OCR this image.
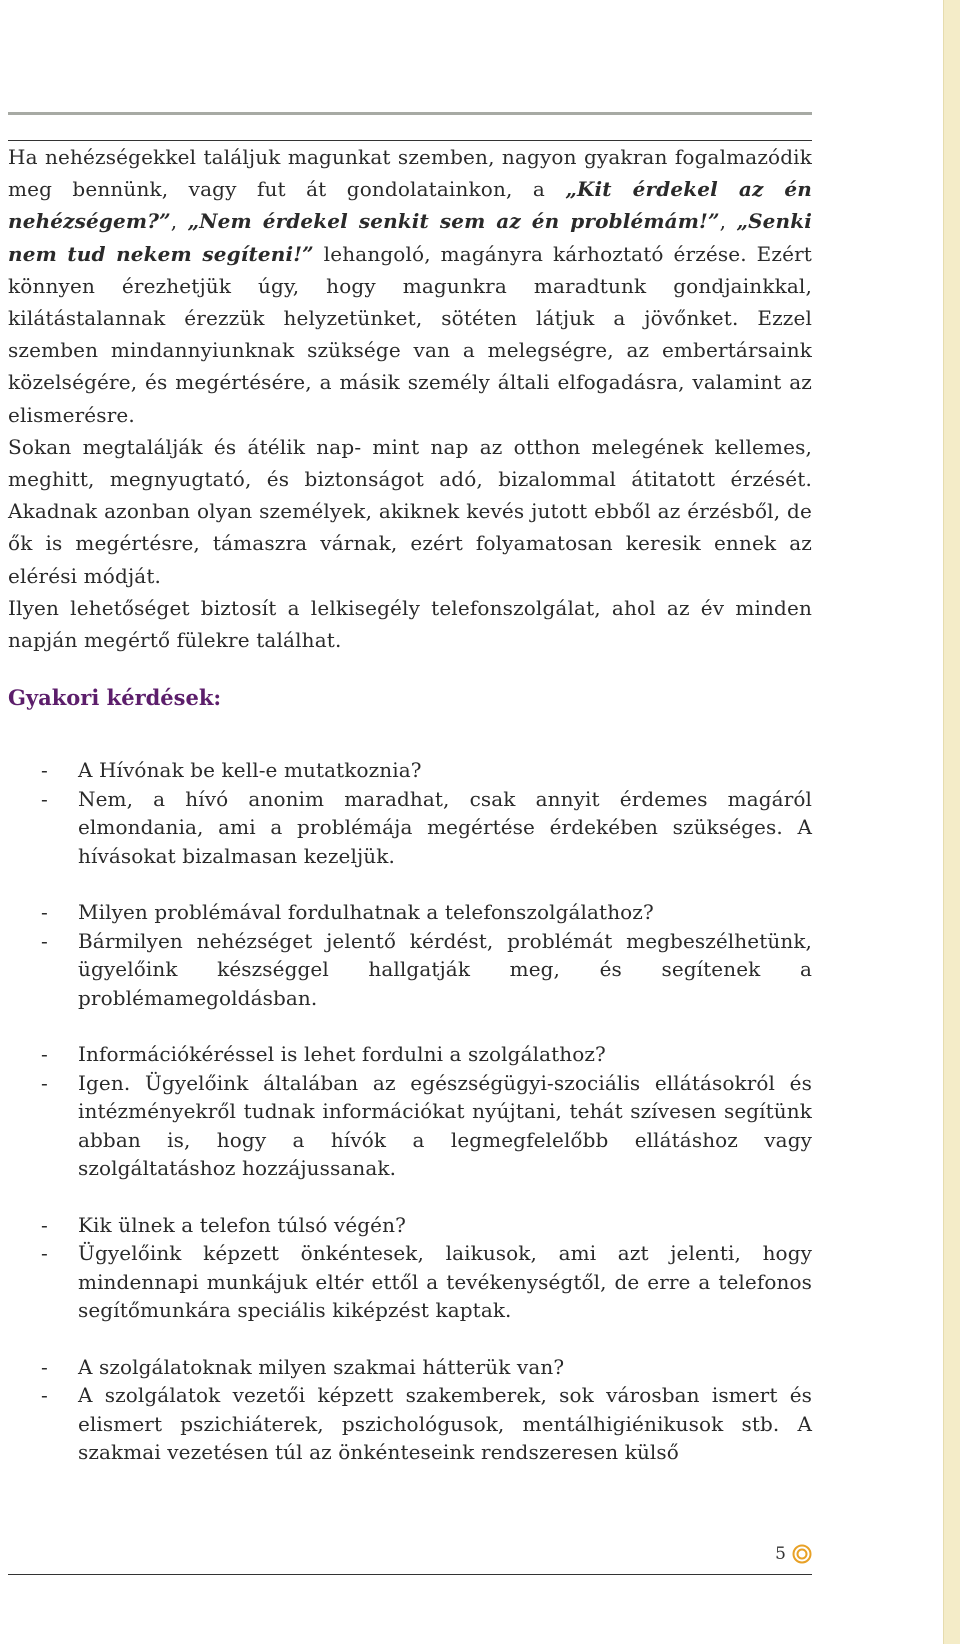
Ha nehézségekkel találjuk magunkat szemben, nagyon gyakran fogalmazódik meg bennünk, vagy fut át gondolatainkon, a „Kit érdekel az én nehézségem?”, „Nem érdekel senkit sem az én problémám!”, „Senki nem tud nekem segíteni!” lehangoló, magányra kárhoztató érzése. Ezért könnyen érezhetjük úgy, hogy magunkra maradtunk gondjainkkal, kilátástalannak érezzük helyzetünket, sötéten látjuk a jövőnket. Ezzel szemben mindannyiunknak szüksége van a melegségre, az embertársaink közelségére, és megértésére, a másik személy általi elfogadásra, valamint az elismerésre.

Sokan megtalálják és átélik nap- mint nap az otthon melegének kellemes, meghitt, megnyugtató, és biztonságot adó, bizalommal átitatott érzését. Akadnak azonban olyan személyek, akiknek kevés jutott ebből az érzésből, de ők is megértésre, támaszra várnak, ezért folyamatosan keresik ennek az elérési módját.

Ilyen lehetőséget biztosít a lelkisegély telefonszolgálat, ahol az év minden napján megértő fülekre találhat.

Gyakori kérdések:
-	A Hívónak be kell-e mutatkoznia?
-	Nem, a hívó anonim maradhat, csak annyit érdemes magáról elmondania, ami a problémája megértése érdekében szükséges. A hívásokat bizalmasan kezeljük.
-	Milyen problémával fordulhatnak a telefonszolgálathoz?
-	Bármilyen nehézséget jelentő kérdést, problémát megbeszélhetünk, ügyelőink készséggel hallgatják meg, és segítenek a problémamegoldásban.
-	Információkéréssel is lehet fordulni a szolgálathoz?
-	Igen. Ügyelőink általában az egészségügyi-szociális ellátásokról és intézményekről tudnak információkat nyújtani, tehát szívesen segítünk abban is, hogy a hívók a legmegfelelőbb ellátáshoz vagy szolgáltatáshoz hozzájussanak.
-	Kik ülnek a telefon túlsó végén?
-	Ügyelőink képzett önkéntesek, laikusok, ami azt jelenti, hogy mindennapi munkájuk eltér ettől a tevékenységtől, de erre a telefonos segítőmunkára speciális kiképzést kaptak.
-	A szolgálatoknak milyen szakmai hátterük van?
-	A szolgálatok vezetői képzett szakemberek, sok városban ismert és elismert pszichiáterek, pszichológusok, mentálhigiénikusok stb. A szakmai vezetésen túl az önkénteseink rendszeresen külső
5
